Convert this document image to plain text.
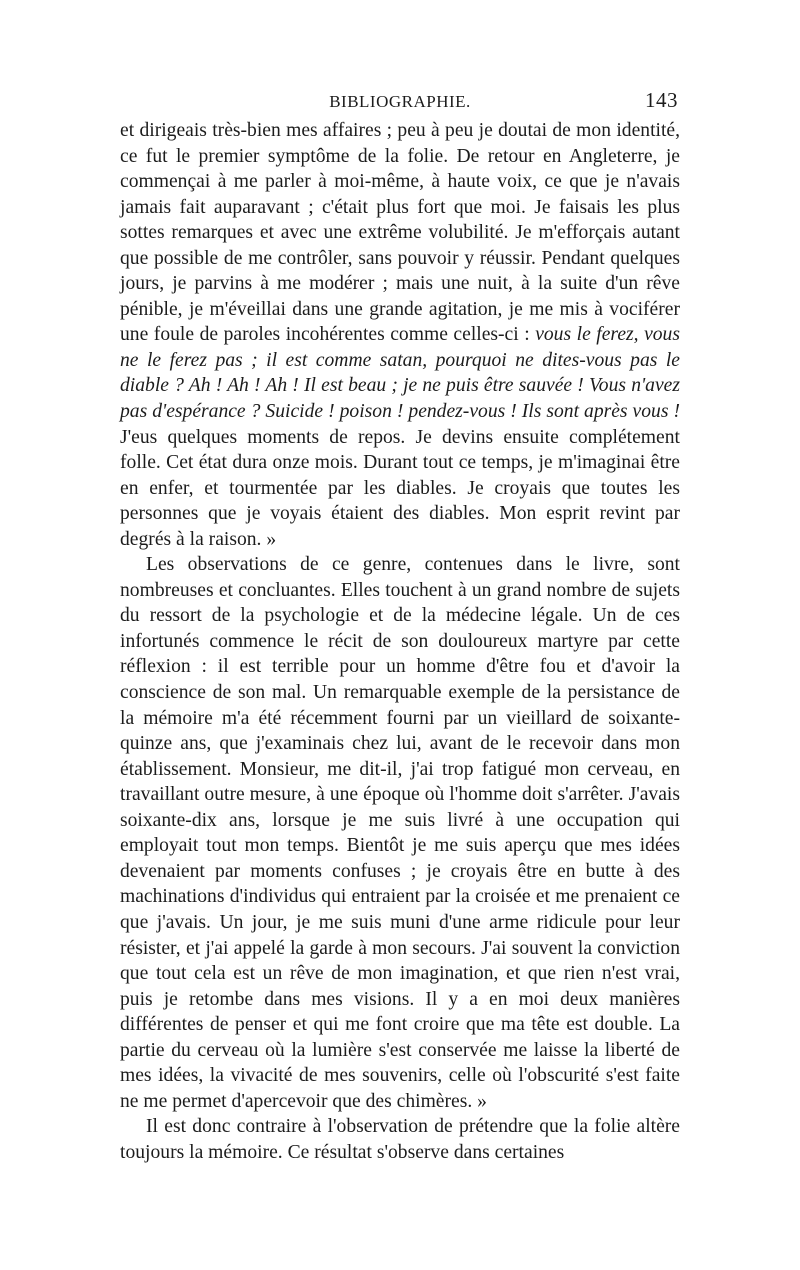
BIBLIOGRAPHIE.	143

et dirigeais très-bien mes affaires ; peu à peu je doutai de mon identité, ce fut le premier symptôme de la folie. De retour en Angleterre, je commençai à me parler à moi-même, à haute voix, ce que je n'avais jamais fait auparavant ; c'était plus fort que moi. Je faisais les plus sottes remarques et avec une extrême volubilité. Je m'efforçais autant que possible de me contrôler, sans pouvoir y réussir. Pendant quelques jours, je parvins à me modérer ; mais une nuit, à la suite d'un rêve pénible, je m'éveillai dans une grande agitation, je me mis à vociférer une foule de paroles incohérentes comme celles-ci : vous le ferez, vous ne le ferez pas ; il est comme satan, pourquoi ne dites-vous pas le diable ? Ah ! Ah ! Ah ! Il est beau ; je ne puis être sauvée ! Vous n'avez pas d'espérance ? Suicide ! poison ! pendez-vous ! Ils sont après vous ! J'eus quelques moments de repos. Je devins ensuite complétement folle. Cet état dura onze mois. Durant tout ce temps, je m'imaginai être en enfer, et tourmentée par les diables. Je croyais que toutes les personnes que je voyais étaient des diables. Mon esprit revint par degrés à la raison. »

Les observations de ce genre, contenues dans le livre, sont nombreuses et concluantes. Elles touchent à un grand nombre de sujets du ressort de la psychologie et de la médecine légale. Un de ces infortunés commence le récit de son douloureux martyre par cette réflexion : il est terrible pour un homme d'être fou et d'avoir la conscience de son mal. Un remarquable exemple de la persistance de la mémoire m'a été récemment fourni par un vieillard de soixante-quinze ans, que j'examinais chez lui, avant de le recevoir dans mon établissement. Monsieur, me dit-il, j'ai trop fatigué mon cerveau, en travaillant outre mesure, à une époque où l'homme doit s'arrêter. J'avais soixante-dix ans, lorsque je me suis livré à une occupation qui employait tout mon temps. Bientôt je me suis aperçu que mes idées devenaient par moments confuses ; je croyais être en butte à des machinations d'individus qui entraient par la croisée et me prenaient ce que j'avais. Un jour, je me suis muni d'une arme ridicule pour leur résister, et j'ai appelé la garde à mon secours. J'ai souvent la conviction que tout cela est un rêve de mon imagination, et que rien n'est vrai, puis je retombe dans mes visions. Il y a en moi deux manières différentes de penser et qui me font croire que ma tête est double. La partie du cerveau où la lumière s'est conservée me laisse la liberté de mes idées, la vivacité de mes souvenirs, celle où l'obscurité s'est faite ne me permet d'apercevoir que des chimères. »

Il est donc contraire à l'observation de prétendre que la folie altère toujours la mémoire. Ce résultat s'observe dans certaines
